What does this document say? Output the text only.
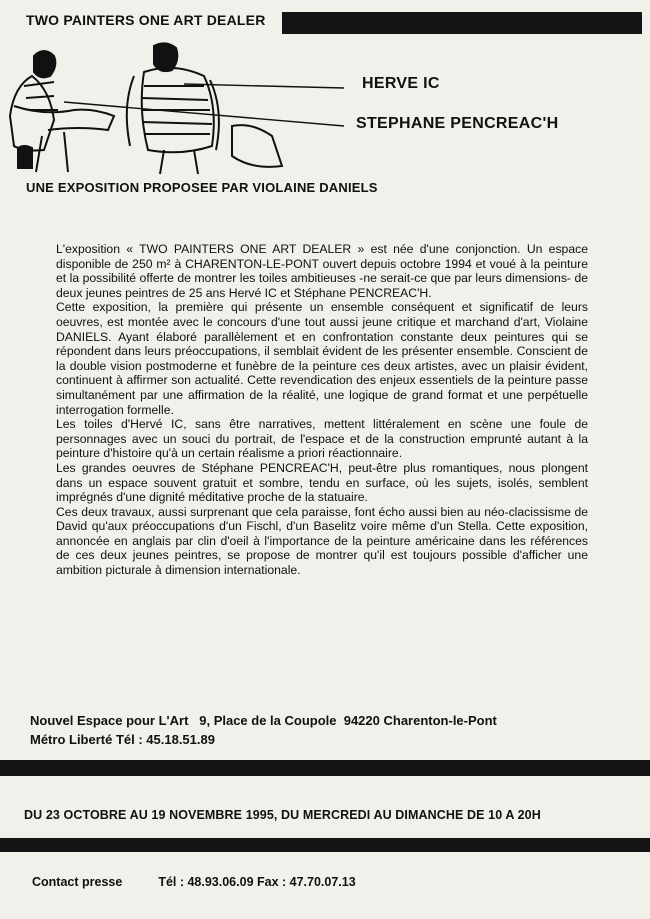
TWO PAINTERS ONE ART DEALER
HERVE IC
STEPHANE PENCREAC'H
UNE EXPOSITION PROPOSEE PAR VIOLAINE DANIELS

L'exposition « TWO PAINTERS ONE ART DEALER » est née d'une conjonction. Un espace disponible de 250 m² à CHARENTON-LE-PONT ouvert depuis octobre 1994 et voué à la peinture et la possibilité offerte de montrer les toiles ambitieuses -ne serait-ce que par leurs dimensions- de deux jeunes peintres de 25 ans Hervé IC et Stéphane PENCREAC'H.

Cette exposition, la première qui présente un ensemble conséquent et significatif de leurs oeuvres, est montée avec le concours d'une tout aussi jeune critique et marchand d'art, Violaine DANIELS. Ayant élaboré parallèlement et en confrontation constante deux peintures qui se répondent dans leurs préoccupations, il semblait évident de les présenter ensemble. Conscient de la double vision postmoderne et funèbre de la peinture ces deux artistes, avec un plaisir évident, continuent à affirmer son actualité. Cette revendication des enjeux essentiels de la peinture passe simultanément par une affirmation de la réalité, une logique de grand format et une perpétuelle interrogation formelle.

Les toiles d'Hervé IC, sans être narratives, mettent littéralement en scène une foule de personnages avec un souci du portrait, de l'espace et de la construction emprunté autant à la peinture d'histoire qu'à un certain réalisme a priori réactionnaire.

Les grandes oeuvres de Stéphane PENCREAC'H, peut-être plus romantiques, nous plongent dans un espace souvent gratuit et sombre, tendu en surface, où les sujets, isolés, semblent imprégnés d'une dignité méditative proche de la statuaire.

Ces deux travaux, aussi surprenant que cela paraisse, font écho aussi bien au néo-clacissisme de David qu'aux préoccupations d'un Fischl, d'un Baselitz voire même d'un Stella. Cette exposition, annoncée en anglais par clin d'oeil à l'importance de la peinture américaine dans les références de ces deux jeunes peintres, se propose de montrer qu'il est toujours possible d'afficher une ambition picturale à dimension internationale.

Nouvel Espace pour L'Art   9, Place de la Coupole  94220 Charenton-le-Pont
Métro Liberté Tél : 45.18.51.89
DU 23 OCTOBRE AU 19 NOVEMBRE 1995, DU MERCREDI AU DIMANCHE DE 10 A 20H
Contact presse	Tél : 48.93.06.09 Fax : 47.70.07.13
